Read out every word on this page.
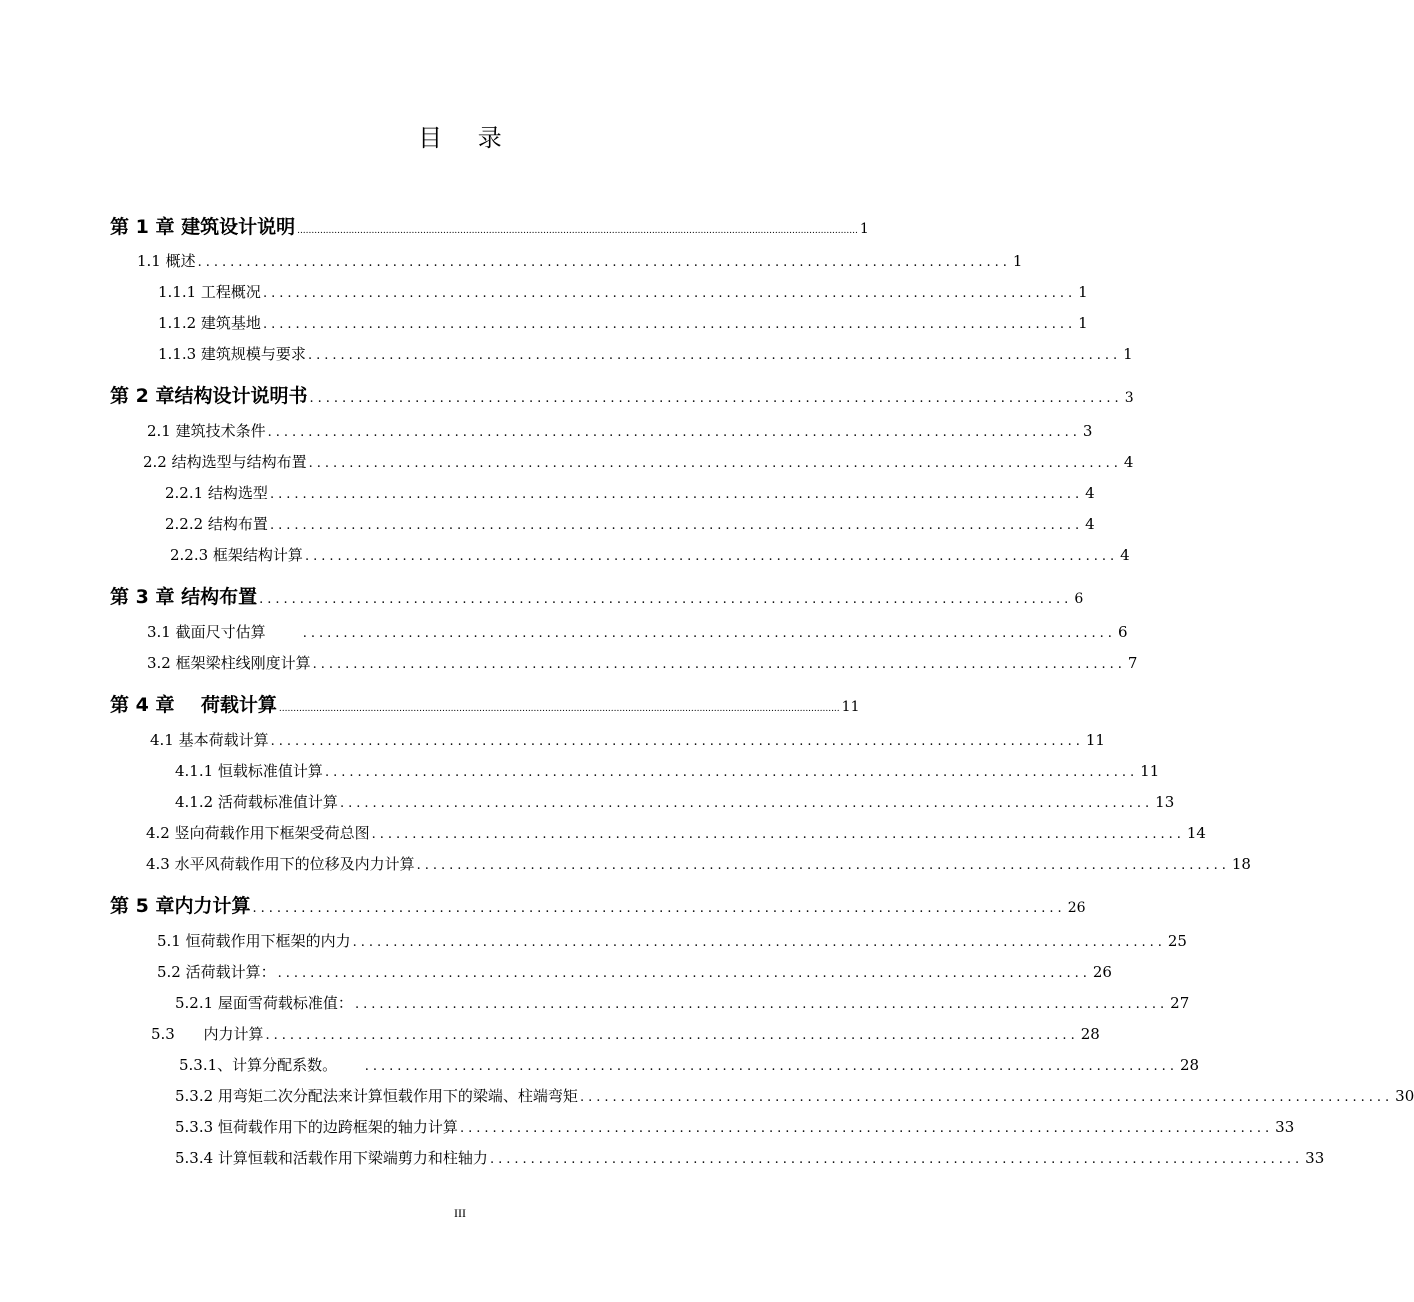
目 录
第 1 章 建筑设计说明 .................................................................................................................................................................................................... 1
1.1 概述 .................................................................................................... 1
1.1.1 工程概况 .................................................................................................... 1
1.1.2 建筑基地 .................................................................................................... 1
1.1.3 建筑规模与要求 .................................................................................................... 1
第 2 章结构设计说明书 .................................................................................................... 3
2.1 建筑技术条件 .................................................................................................... 3
2.2 结构选型与结构布置 .................................................................................................... 4
2.2.1 结构选型 .................................................................................................... 4
2.2.2 结构布置 .................................................................................................... 4
2.2.3 框架结构计算 .................................................................................................... 4
第 3 章 结构布置 .................................................................................................... 6
3.1 截面尺寸估算 .................................................................................................... 6
3.2 框架梁柱线刚度计算 .................................................................................................... 7
第 4 章    荷载计算 .................................................................................................................................................................................................... 11
4.1 基本荷载计算 .................................................................................................... 11
4.1.1 恒载标准值计算 .................................................................................................... 11
4.1.2 活荷载标准值计算 .................................................................................................... 13
4.2 竖向荷载作用下框架受荷总图 .................................................................................................... 14
4.3 水平风荷载作用下的位移及内力计算 .................................................................................................... 18
第 5 章内力计算 .................................................................................................... 26
5.1 恒荷载作用下框架的内力 .................................................................................................... 25
5.2 活荷载计算： .................................................................................................... 26
5.2.1 屋面雪荷载标准值： .................................................................................................... 27
5.3      内力计算 .................................................................................................... 28
5.3.1、计算分配系数。 .................................................................................................... 28
5.3.2 用弯矩二次分配法来计算恒载作用下的梁端、柱端弯矩 .................................................................................................... 30
5.3.3 恒荷载作用下的边跨框架的轴力计算 .................................................................................................... 33
5.3.4 计算恒载和活载作用下梁端剪力和柱轴力 .................................................................................................... 33
III
